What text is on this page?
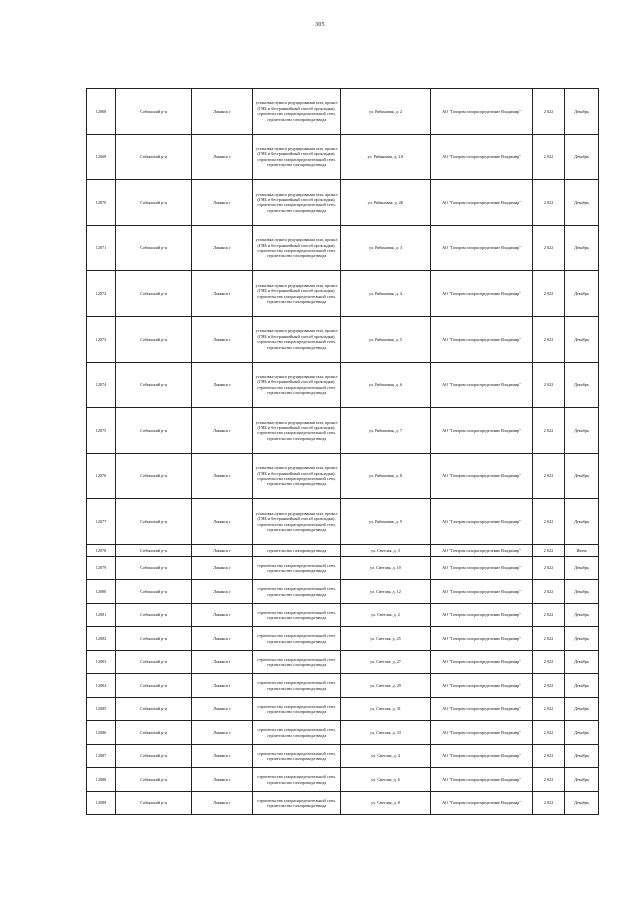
305
12068	Собинский р-н	Лакинск г	установка пункта редуцирования газа, прокол (ГНБ и бестраншейный способ прокладки), строительство газораспределительной сети, строительство газопровода-ввода	ул. Рябиновая, д. 2	АО "Газпром газораспределение Владимир"	2 022	Декабрь
12069	Собинский р-н	Лакинск г	установка пункта редуцирования газа, прокол (ГНБ и бестраншейный способ прокладки), строительство газораспределительной сети, строительство газопровода-ввода	ул. Рябиновая, д. 2А	АО "Газпром газораспределение Владимир"	2 022	Декабрь
12070	Собинский р-н	Лакинск г	установка пункта редуцирования газа, прокол (ГНБ и бестраншейный способ прокладки), строительство газораспределительной сети, строительство газопровода-ввода	ул. Рябиновая, д. 2Б	АО "Газпром газораспределение Владимир"	2 022	Декабрь
12071	Собинский р-н	Лакинск г	установка пункта редуцирования газа, прокол (ГНБ и бестраншейный способ прокладки), строительство газораспределительной сети, строительство газопровода-ввода	ул. Рябиновая, д. 3	АО "Газпром газораспределение Владимир"	2 022	Декабрь
12072	Собинский р-н	Лакинск г	установка пункта редуцирования газа, прокол (ГНБ и бестраншейный способ прокладки), строительство газораспределительной сети, строительство газопровода-ввода	ул. Рябиновая, д. 4	АО "Газпром газораспределение Владимир"	2 022	Декабрь
12073	Собинский р-н	Лакинск г	установка пункта редуцирования газа, прокол (ГНБ и бестраншейный способ прокладки), строительство газораспределительной сети, строительство газопровода-ввода	ул. Рябиновая, д. 5	АО "Газпром газораспределение Владимир"	2 022	Декабрь
12074	Собинский р-н	Лакинск г	установка пункта редуцирования газа, прокол (ГНБ и бестраншейный способ прокладки), строительство газораспределительной сети, строительство газопровода-ввода	ул. Рябиновая, д. 6	АО "Газпром газораспределение Владимир"	2 022	Декабрь
12075	Собинский р-н	Лакинск г	установка пункта редуцирования газа, прокол (ГНБ и бестраншейный способ прокладки), строительство газораспределительной сети, строительство газопровода-ввода	ул. Рябиновая, д. 7	АО "Газпром газораспределение Владимир"	2 022	Декабрь
12076	Собинский р-н	Лакинск г	установка пункта редуцирования газа, прокол (ГНБ и бестраншейный способ прокладки), строительство газораспределительной сети, строительство газопровода-ввода	ул. Рябиновая, д. 8	АО "Газпром газораспределение Владимир"	2 022	Декабрь
12077	Собинский р-н	Лакинск г	установка пункта редуцирования газа, прокол (ГНБ и бестраншейный способ прокладки), строительство газораспределительной сети, строительство газопровода-ввода	ул. Рябиновая, д. 9	АО "Газпром газораспределение Владимир"	2 022	Декабрь
12078	Собинский р-н	Лакинск г	строительство газопровода-ввода	ул. Светлая, д. 3	АО "Газпром газораспределение Владимир"	2 022	Июль
12079	Собинский р-н	Лакинск г	строительство газораспределительной сети, строительство газопровода-ввода	ул. Светлая, д. 10	АО "Газпром газораспределение Владимир"	2 022	Декабрь
12080	Собинский р-н	Лакинск г	строительство газораспределительной сети, строительство газопровода-ввода	ул. Светлая, д. 12	АО "Газпром газораспределение Владимир"	2 022	Декабрь
12081	Собинский р-н	Лакинск г	строительство газораспределительной сети, строительство газопровода-ввода	ул. Светлая, д. 2	АО "Газпром газораспределение Владимир"	2 022	Декабрь
12082	Собинский р-н	Лакинск г	строительство газораспределительной сети, строительство газопровода-ввода	ул. Светлая, д. 25	АО "Газпром газораспределение Владимир"	2 022	Декабрь
12083	Собинский р-н	Лакинск г	строительство газораспределительной сети, строительство газопровода-ввода	ул. Светлая, д. 27	АО "Газпром газораспределение Владимир"	2 022	Декабрь
12084	Собинский р-н	Лакинск г	строительство газораспределительной сети, строительство газопровода-ввода	ул. Светлая, д. 29	АО "Газпром газораспределение Владимир"	2 022	Декабрь
12085	Собинский р-н	Лакинск г	строительство газораспределительной сети, строительство газопровода-ввода	ул. Светлая, д. 31	АО "Газпром газораспределение Владимир"	2 022	Декабрь
12086	Собинский р-н	Лакинск г	строительство газораспределительной сети, строительство газопровода-ввода	ул. Светлая, д. 33	АО "Газпром газораспределение Владимир"	2 022	Декабрь
12087	Собинский р-н	Лакинск г	строительство газораспределительной сети, строительство газопровода-ввода	ул. Светлая, д. 4	АО "Газпром газораспределение Владимир"	2 022	Декабрь
12088	Собинский р-н	Лакинск г	строительство газораспределительной сети, строительство газопровода-ввода	ул. Светлая, д. 6	АО "Газпром газораспределение Владимир"	2 022	Декабрь
12089	Собинский р-н	Лакинск г	строительство газораспределительной сети, строительство газопровода-ввода	ул. Светлая, д. 8	АО "Газпром газораспределение Владимир"	2 022	Декабрь
